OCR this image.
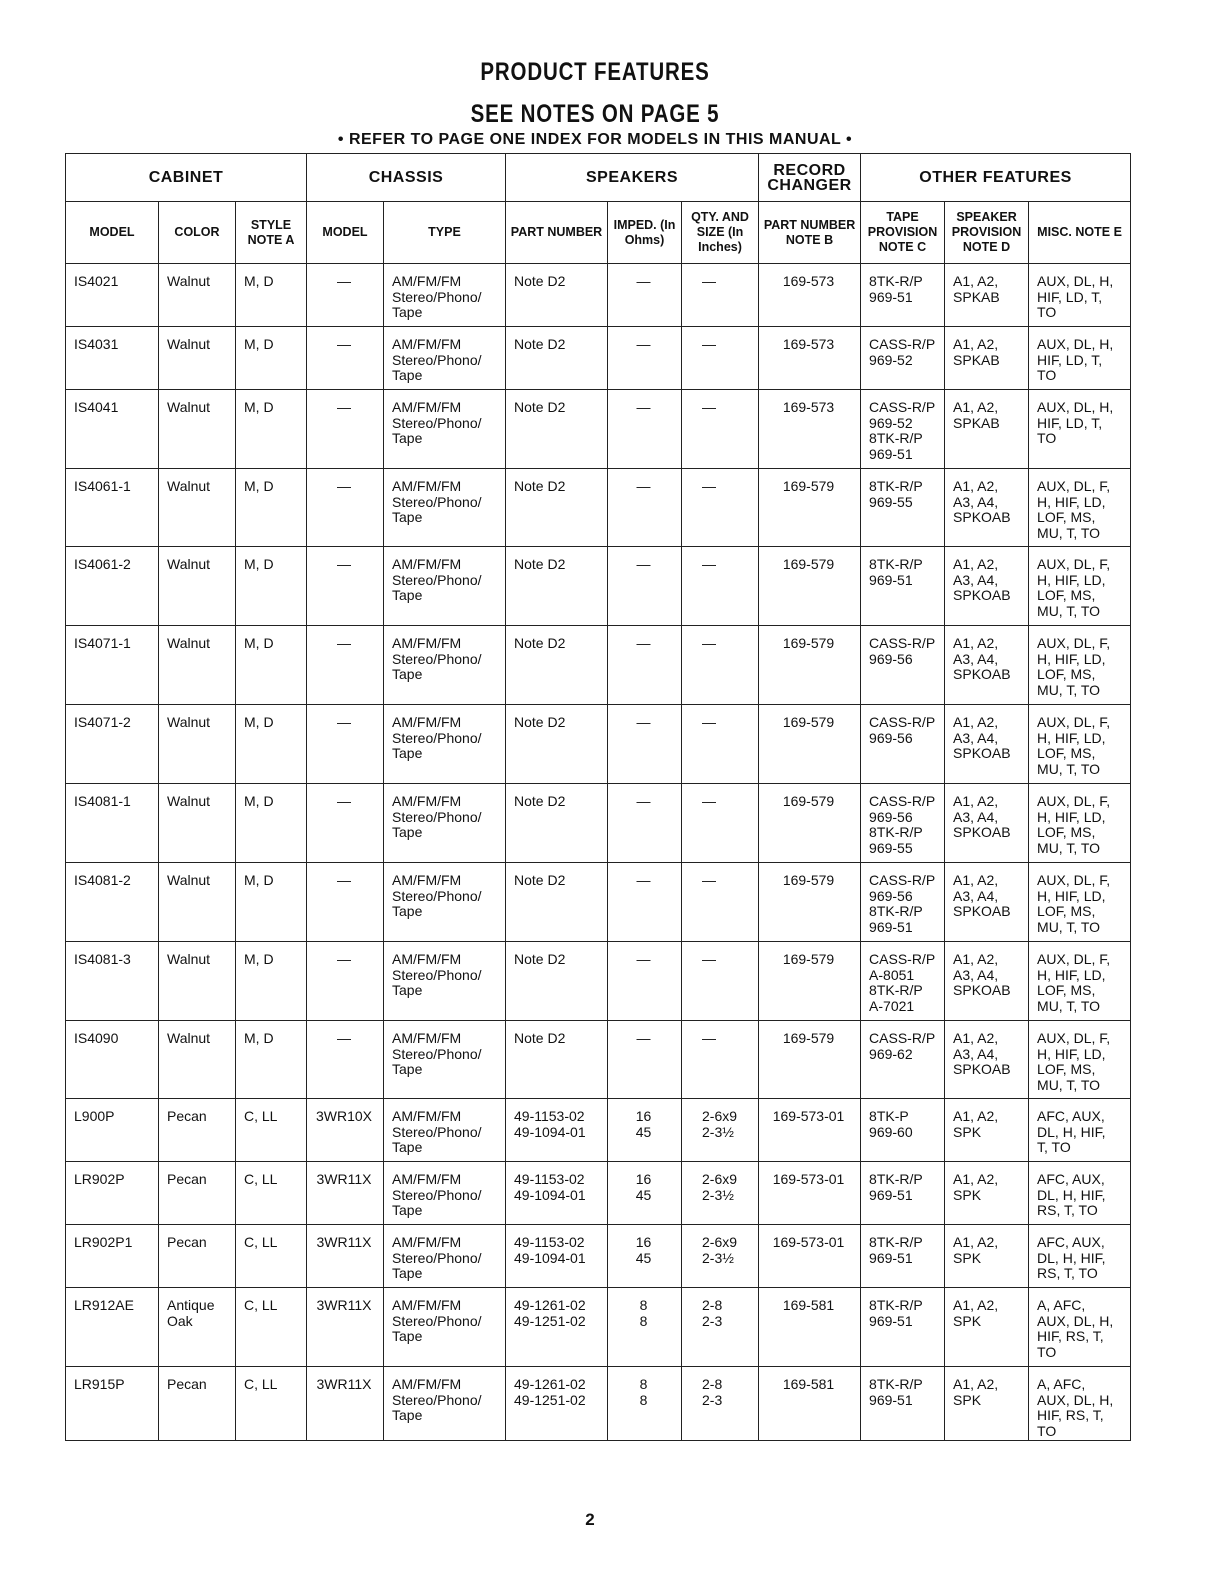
PRODUCT FEATURES
SEE NOTES ON PAGE 5
• REFER TO PAGE ONE INDEX FOR MODELS IN THIS MANUAL •
CABINET			CHASSIS		SPEAKERS			RECORD CHANGER	OTHER FEATURES		
MODEL	COLOR	STYLE NOTE A	MODEL	TYPE	PART NUMBER	IMPED. (In Ohms)	QTY. AND SIZE (In Inches)	PART NUMBER NOTE B	TAPE PROVISION NOTE C	SPEAKER PROVISION NOTE D	MISC. NOTE E
IS4021	Walnut	M, D	—	AM/FM/FM
Stereo/Phono/
Tape	Note D2	—	—	169-573	8TK-R/P
969-51	A1, A2,
SPKAB	AUX, DL, H,
HIF, LD, T,
TO
IS4031	Walnut	M, D	—	AM/FM/FM
Stereo/Phono/
Tape	Note D2	—	—	169-573	CASS-R/P
969-52	A1, A2,
SPKAB	AUX, DL, H,
HIF, LD, T,
TO
IS4041	Walnut	M, D	—	AM/FM/FM
Stereo/Phono/
Tape	Note D2	—	—	169-573	CASS-R/P
969-52
8TK-R/P
969-51	A1, A2,
SPKAB	AUX, DL, H,
HIF, LD, T,
TO
IS4061-1	Walnut	M, D	—	AM/FM/FM
Stereo/Phono/
Tape	Note D2	—	—	169-579	8TK-R/P
969-55	A1, A2,
A3, A4,
SPKOAB	AUX, DL, F,
H, HIF, LD,
LOF, MS,
MU, T, TO
IS4061-2	Walnut	M, D	—	AM/FM/FM
Stereo/Phono/
Tape	Note D2	—	—	169-579	8TK-R/P
969-51	A1, A2,
A3, A4,
SPKOAB	AUX, DL, F,
H, HIF, LD,
LOF, MS,
MU, T, TO
IS4071-1	Walnut	M, D	—	AM/FM/FM
Stereo/Phono/
Tape	Note D2	—	—	169-579	CASS-R/P
969-56	A1, A2,
A3, A4,
SPKOAB	AUX, DL, F,
H, HIF, LD,
LOF, MS,
MU, T, TO
IS4071-2	Walnut	M, D	—	AM/FM/FM
Stereo/Phono/
Tape	Note D2	—	—	169-579	CASS-R/P
969-56	A1, A2,
A3, A4,
SPKOAB	AUX, DL, F,
H, HIF, LD,
LOF, MS,
MU, T, TO
IS4081-1	Walnut	M, D	—	AM/FM/FM
Stereo/Phono/
Tape	Note D2	—	—	169-579	CASS-R/P
969-56
8TK-R/P
969-55	A1, A2,
A3, A4,
SPKOAB	AUX, DL, F,
H, HIF, LD,
LOF, MS,
MU, T, TO
IS4081-2	Walnut	M, D	—	AM/FM/FM
Stereo/Phono/
Tape	Note D2	—	—	169-579	CASS-R/P
969-56
8TK-R/P
969-51	A1, A2,
A3, A4,
SPKOAB	AUX, DL, F,
H, HIF, LD,
LOF, MS,
MU, T, TO
IS4081-3	Walnut	M, D	—	AM/FM/FM
Stereo/Phono/
Tape	Note D2	—	—	169-579	CASS-R/P
A-8051
8TK-R/P
A-7021	A1, A2,
A3, A4,
SPKOAB	AUX, DL, F,
H, HIF, LD,
LOF, MS,
MU, T, TO
IS4090	Walnut	M, D	—	AM/FM/FM
Stereo/Phono/
Tape	Note D2	—	—	169-579	CASS-R/P
969-62	A1, A2,
A3, A4,
SPKOAB	AUX, DL, F,
H, HIF, LD,
LOF, MS,
MU, T, TO
L900P	Pecan	C, LL	3WR10X	AM/FM/FM
Stereo/Phono/
Tape	49-1153-02
49-1094-01	16
45	2-6x9
2-3½	169-573-01	8TK-P
969-60	A1, A2,
SPK	AFC, AUX,
DL, H, HIF,
T, TO
LR902P	Pecan	C, LL	3WR11X	AM/FM/FM
Stereo/Phono/
Tape	49-1153-02
49-1094-01	16
45	2-6x9
2-3½	169-573-01	8TK-R/P
969-51	A1, A2,
SPK	AFC, AUX,
DL, H, HIF,
RS, T, TO
LR902P1	Pecan	C, LL	3WR11X	AM/FM/FM
Stereo/Phono/
Tape	49-1153-02
49-1094-01	16
45	2-6x9
2-3½	169-573-01	8TK-R/P
969-51	A1, A2,
SPK	AFC, AUX,
DL, H, HIF,
RS, T, TO
LR912AE	Antique
Oak	C, LL	3WR11X	AM/FM/FM
Stereo/Phono/
Tape	49-1261-02
49-1251-02	8
8	2-8
2-3	169-581	8TK-R/P
969-51	A1, A2,
SPK	A, AFC,
AUX, DL, H,
HIF, RS, T,
TO
LR915P	Pecan	C, LL	3WR11X	AM/FM/FM
Stereo/Phono/
Tape	49-1261-02
49-1251-02	8
8	2-8
2-3	169-581	8TK-R/P
969-51	A1, A2,
SPK	A, AFC,
AUX, DL, H,
HIF, RS, T,
TO
2
